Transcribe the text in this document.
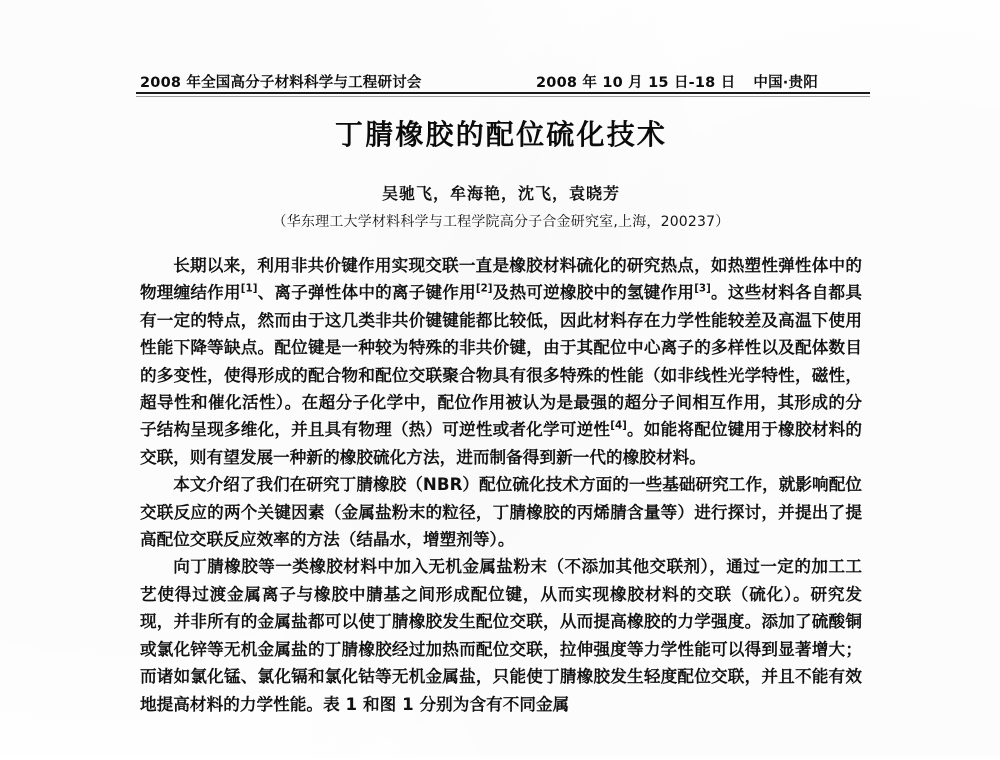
2008 年全国高分子材料科学与工程研讨会	2008 年 10 月 15 日-18 日 中国·贵阳
丁腈橡胶的配位硫化技术
吴驰飞，牟海艳，沈飞，袁晓芳
（华东理工大学材料科学与工程学院高分子合金研究室,上海，200237）

长期以来，利用非共价键作用实现交联一直是橡胶材料硫化的研究热点，如热塑性弹性体中的物理缠结作用[1]、离子弹性体中的离子键作用[2]及热可逆橡胶中的氢键作用[3]。这些材料各自都具有一定的特点，然而由于这几类非共价键键能都比较低，因此材料存在力学性能较差及高温下使用性能下降等缺点。配位键是一种较为特殊的非共价键，由于其配位中心离子的多样性以及配体数目的多变性，使得形成的配合物和配位交联聚合物具有很多特殊的性能（如非线性光学特性，磁性，超导性和催化活性）。在超分子化学中，配位作用被认为是最强的超分子间相互作用，其形成的分子结构呈现多维化，并且具有物理（热）可逆性或者化学可逆性[4]。如能将配位键用于橡胶材料的交联，则有望发展一种新的橡胶硫化方法，进而制备得到新一代的橡胶材料。

本文介绍了我们在研究丁腈橡胶（NBR）配位硫化技术方面的一些基础研究工作，就影响配位交联反应的两个关键因素（金属盐粉末的粒径，丁腈橡胶的丙烯腈含量等）进行探讨，并提出了提高配位交联反应效率的方法（结晶水，增塑剂等）。

向丁腈橡胶等一类橡胶材料中加入无机金属盐粉末（不添加其他交联剂），通过一定的加工工艺使得过渡金属离子与橡胶中腈基之间形成配位键，从而实现橡胶材料的交联（硫化）。研究发现，并非所有的金属盐都可以使丁腈橡胶发生配位交联，从而提高橡胶的力学强度。添加了硫酸铜或氯化锌等无机金属盐的丁腈橡胶经过加热而配位交联，拉伸强度等力学性能可以得到显著增大；而诸如氯化锰、氯化镉和氯化钴等无机金属盐，只能使丁腈橡胶发生轻度配位交联，并且不能有效地提高材料的力学性能。表 1 和图 1 分别为含有不同金属
